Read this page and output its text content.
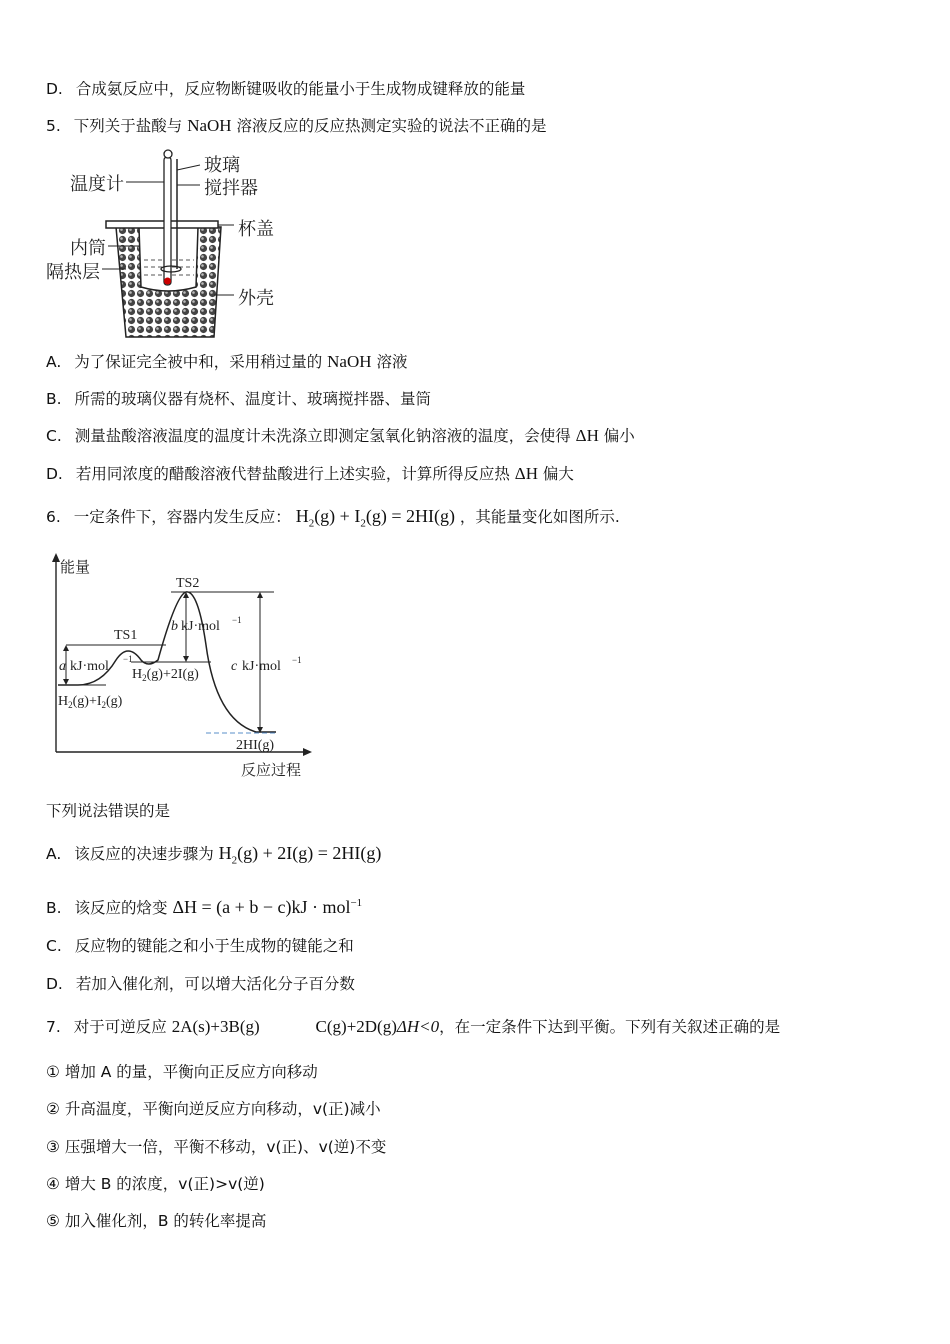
D. 合成氨反应中，反应物断键吸收的能量小于生成物成键释放的能量
5. 下列关于盐酸与 NaOH 溶液反应的反应热测定实验的说法不正确的是
温度计
玻璃
搅拌器
杯盖
内筒
隔热层
外壳
A. 为了保证完全被中和，采用稍过量的 NaOH 溶液
B. 所需的玻璃仪器有烧杯、温度计、玻璃搅拌器、量筒
C. 测量盐酸溶液温度的温度计未洗涤立即测定氢氧化钠溶液的温度，会使得 ΔH 偏小
D. 若用同浓度的醋酸溶液代替盐酸进行上述实验，计算所得反应热 ΔH 偏大
6. 一定条件下，容器内发生反应： $H_2(g) + I_2(g) = 2HI(g)$ ，其能量变化如图所示.
能量
反应过程
TS1
TS2
a kJ·mol −1
b kJ·mol −1
c kJ·mol −1
$H_2(g)+2I(g)$
$H_2(g)+I_2(g)$
2HI(g)
下列说法错误的是
A. 该反应的决速步骤为 $H_2(g) + 2I(g) = 2HI(g)$
B. 该反应的焓变 ΔH = (a + b − c)kJ · mol$^{-1}$
C. 反应物的键能之和小于生成物的键能之和
D. 若加入催化剂，可以增大活化分子百分数
7. 对于可逆反应 2A(s)+3B(g)	C(g)+2D(g)ΔH<0，在一定条件下达到平衡。下列有关叙述正确的是
① 增加 A 的量，平衡向正反应方向移动
② 升高温度，平衡向逆反应方向移动，v(正)减小
③ 压强增大一倍，平衡不移动，v(正)、v(逆)不变
④ 增大 B 的浓度，v(正)>v(逆)
⑤ 加入催化剂，B 的转化率提高
